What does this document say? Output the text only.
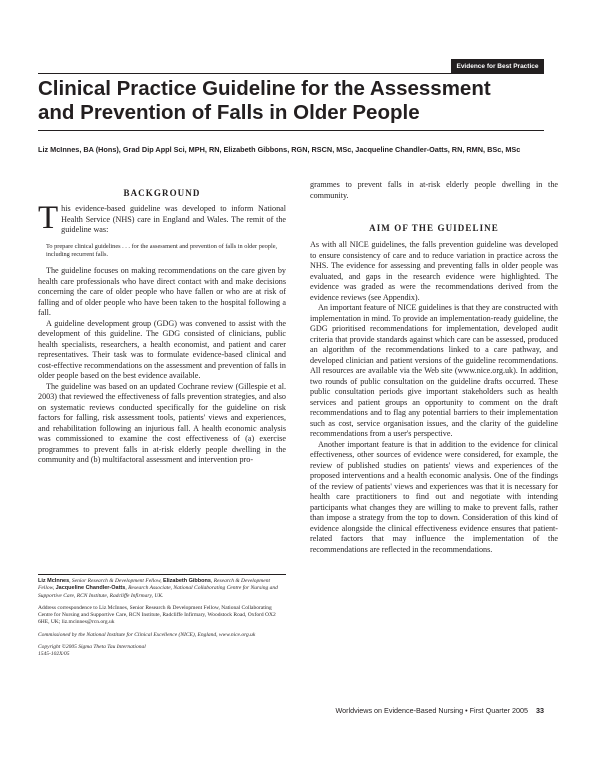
Evidence for Best Practice
Clinical Practice Guideline for the Assessment
and Prevention of Falls in Older People
Liz McInnes, BA (Hons), Grad Dip Appl Sci, MPH, RN, Elizabeth Gibbons, RGN, RSCN, MSc, Jacqueline Chandler-Oatts, RN, RMN, BSc, MSc
BACKGROUND

This evidence-based guideline was developed to inform National Health Service (NHS) care in England and Wales. The remit of the guideline was:

To prepare clinical guidelines . . . for the assessment and prevention of falls in older people, including recurrent falls.

The guideline focuses on making recommendations on the care given by health care professionals who have direct contact with and make decisions concerning the care of older people who have fallen or who are at risk of falling and of older people who have been taken to the hospital following a fall.

A guideline development group (GDG) was convened to assist with the development of this guideline. The GDG consisted of clinicians, public health specialists, researchers, a health economist, and patient and carer representatives. Their task was to formulate evidence-based clinical and cost-effective recommendations on the assessment and prevention of falls in older people based on the best evidence available.

The guideline was based on an updated Cochrane review (Gillespie et al. 2003) that reviewed the effectiveness of falls prevention strategies, and also on systematic reviews conducted specifically for the guideline on risk factors for falling, risk assessment tools, patients' views and experiences, and rehabilitation following an injurious fall. A health economic analysis was commissioned to examine the cost effectiveness of (a) exercise programmes to prevent falls in at-risk elderly people dwelling in the community and (b) multifactoral assessment and intervention pro-

Liz McInnes, Senior Research & Development Fellow, Elizabeth Gibbons, Research & Development Fellow, Jacqueline Chandler-Oatts, Research Associate, National Collaborating Centre for Nursing and Supportive Care, RCN Institute, Radcliffe Infirmary, UK.
Address correspondence to Liz McInnes, Senior Research & Development Fellow, National Collaborating Centre for Nursing and Supportive Care, RCN Institute, Radcliffe Infirmary, Woodstock Road, Oxford OX2 6HE, UK; liz.mcinnes@rcn.org.uk
Commissioned by the National Institute for Clinical Excellence (NICE), England, www.nice.org.uk
Copyright ©2005 Sigma Theta Tau International
1545-102X/05

grammes to prevent falls in at-risk elderly people dwelling in the community.

AIM OF THE GUIDELINE

As with all NICE guidelines, the falls prevention guideline was developed to ensure consistency of care and to reduce variation in practice across the NHS. The evidence for assessing and preventing falls in older people was evaluated, and gaps in the research evidence were highlighted. The evidence was graded as were the recommendations derived from the evidence reviews (see Appendix).

An important feature of NICE guidelines is that they are constructed with implementation in mind. To provide an implementation-ready guideline, the GDG prioritised recommendations for implementation, developed audit criteria that provide standards against which care can be assessed, produced an algorithm of the recommendations linked to a care pathway, and developed clinician and patient versions of the guideline recommendations. All resources are available via the Web site (www.nice.org.uk). In addition, two rounds of public consultation on the guideline drafts occurred. These public consultation periods give important stakeholders such as health services and patient groups an opportunity to comment on the draft recommendations and to flag any potential barriers to their implementation such as cost, service organisation issues, and the clarity of the guideline recommendations from a user's perspective.

Another important feature is that in addition to the evidence for clinical effectiveness, other sources of evidence were considered, for example, the review of published studies on patients' views and experiences of the proposed interventions and a health economic analysis. One of the findings of the review of patients' views and experiences was that it is necessary for health care practitioners to find out and negotiate with intending participants what changes they are willing to make to prevent falls, rather than impose a strategy from the top to down. Consideration of this kind of evidence alongside the clinical effectiveness evidence ensures that patient-related factors that may influence the implementation of the recommendations are reflected in the recommendations.

Worldviews on Evidence-Based Nursing • First Quarter 2005 33
